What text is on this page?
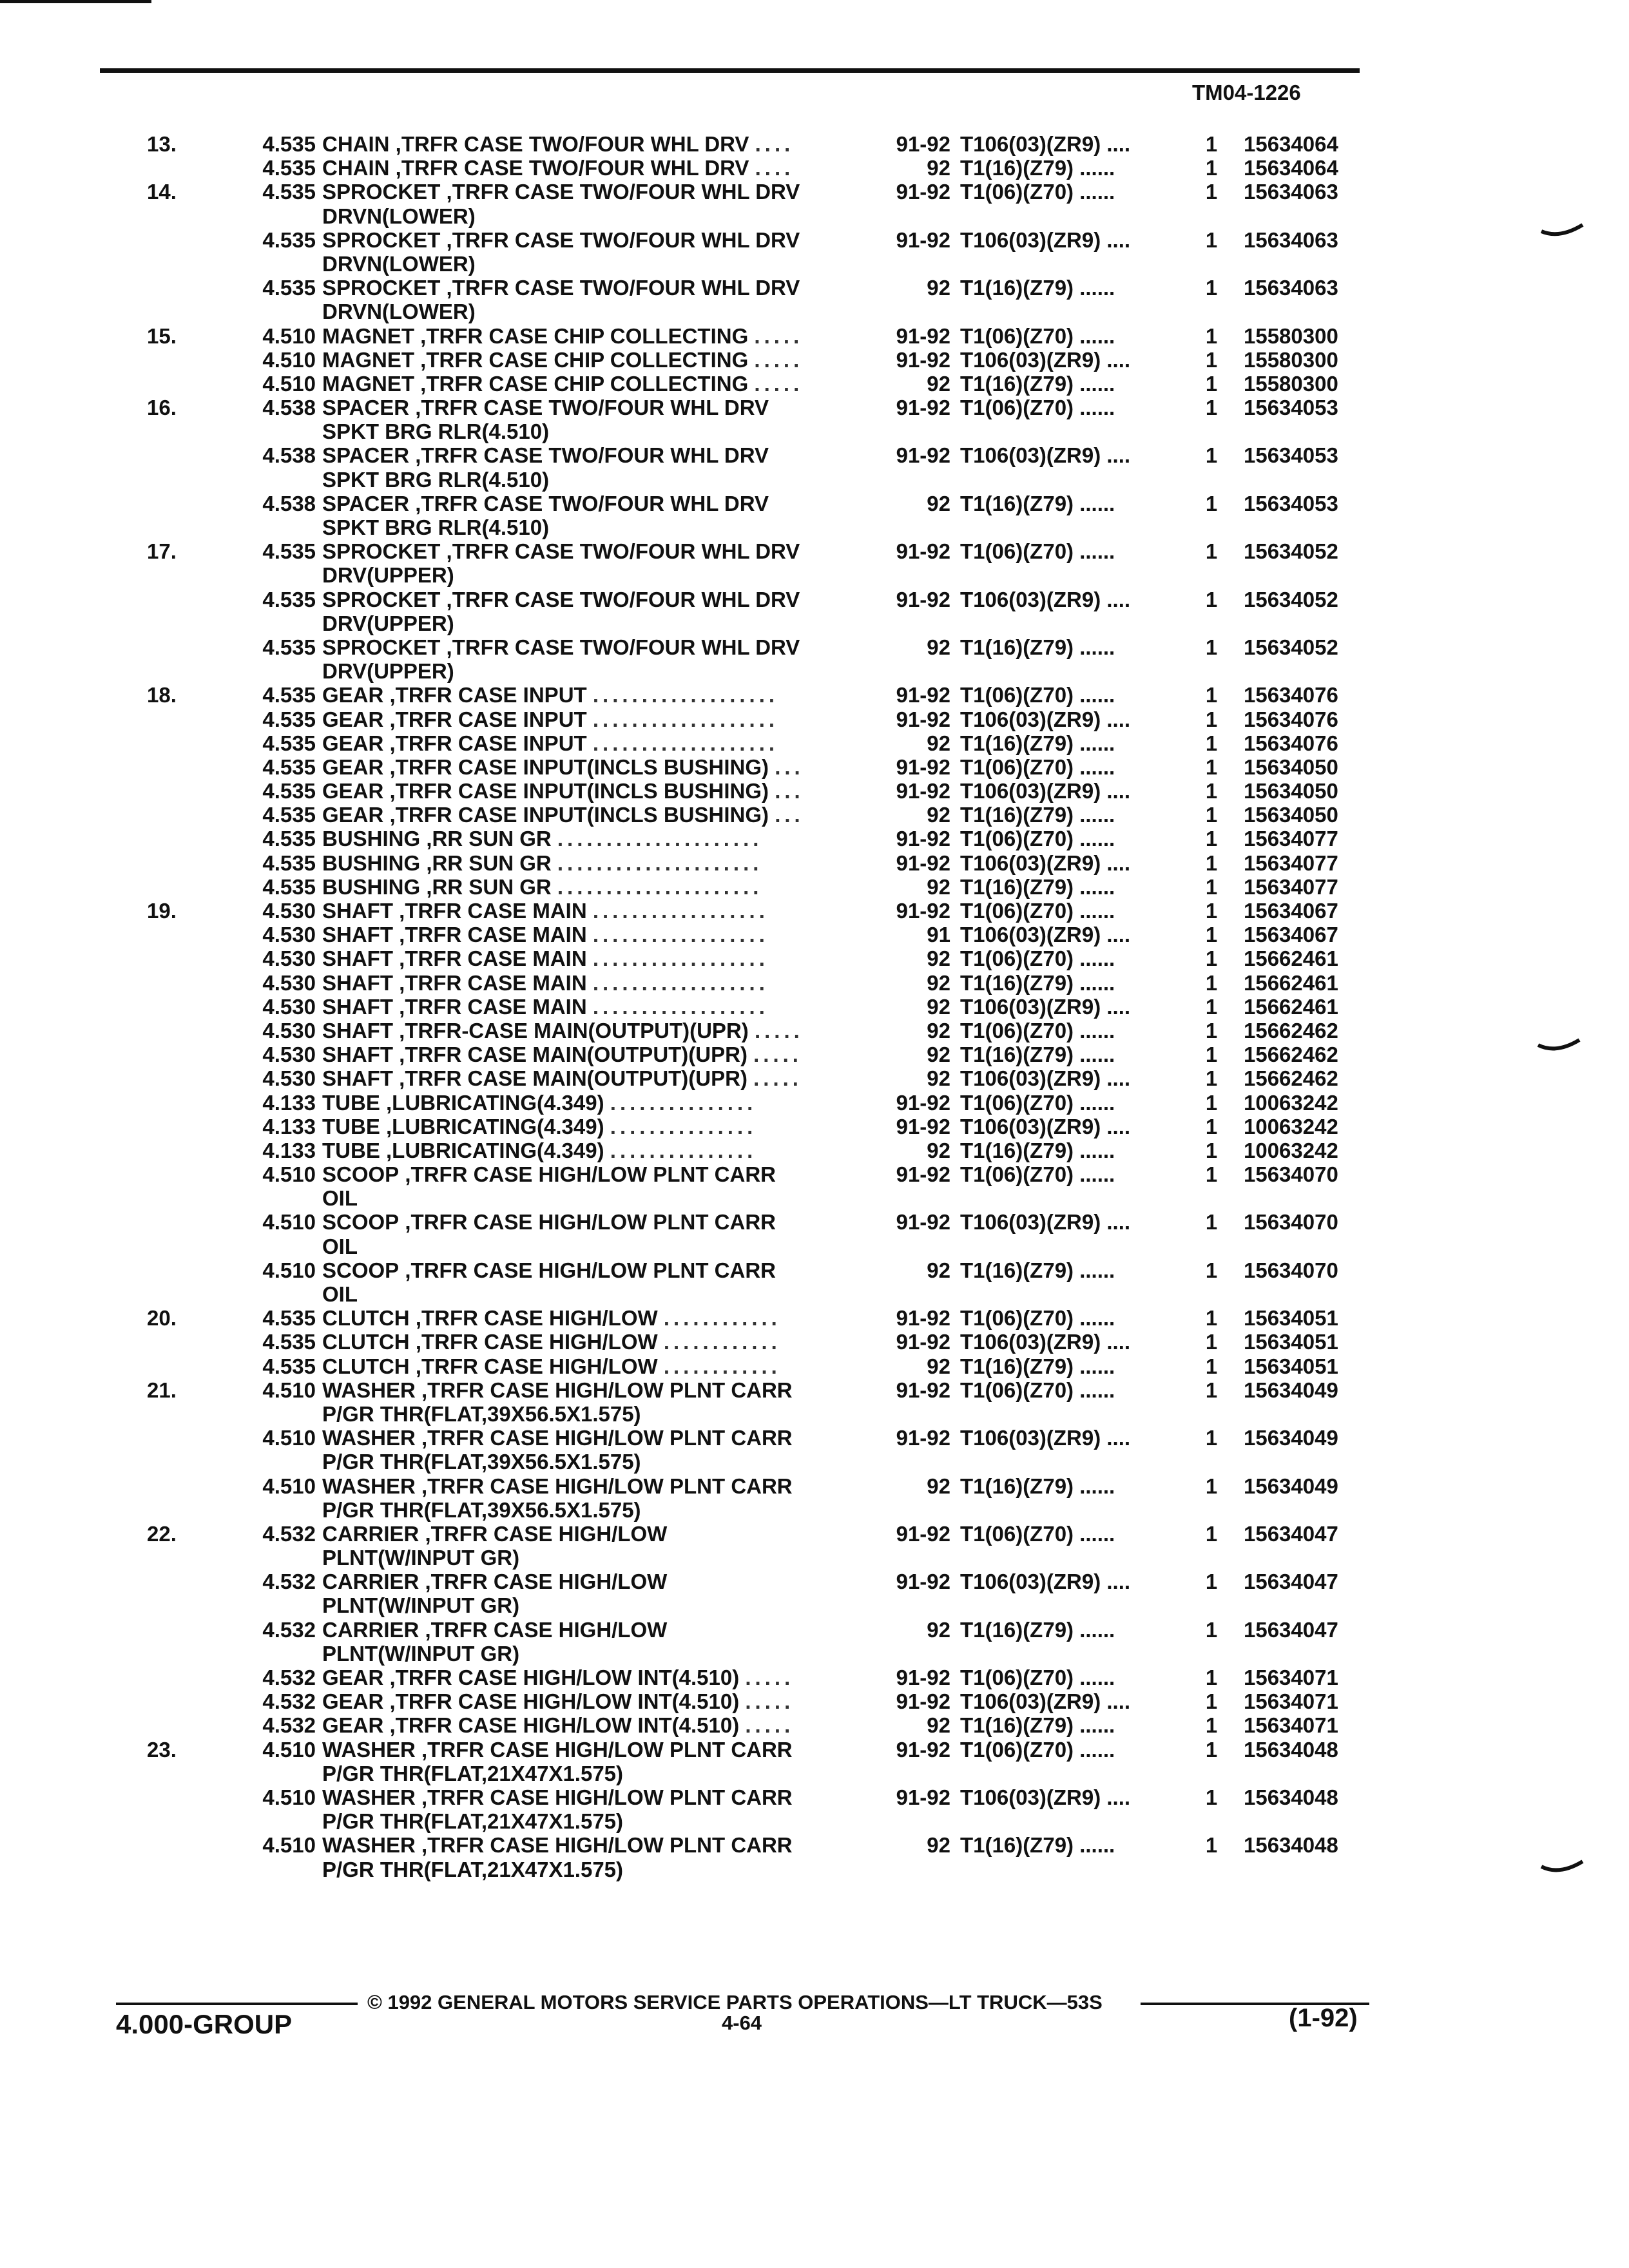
TM04-1226
13.	4.535 CHAIN ,TRFR CASE TWO/FOUR WHL DRV ....	91-92 T106(03)(ZR9) ....	1	15634064
4.535 CHAIN ,TRFR CASE TWO/FOUR WHL DRV ....	92 T1(16)(Z79) ......	1	15634064
14.	4.535 SPROCKET ,TRFR CASE TWO/FOUR WHL DRV	91-92 T1(06)(Z70) ......	1	15634063
DRVN(LOWER)
4.535 SPROCKET ,TRFR CASE TWO/FOUR WHL DRV	91-92 T106(03)(ZR9) ....	1	15634063
DRVN(LOWER)
4.535 SPROCKET ,TRFR CASE TWO/FOUR WHL DRV	92 T1(16)(Z79) ......	1	15634063
DRVN(LOWER)
15.	4.510 MAGNET ,TRFR CASE CHIP COLLECTING .....	91-92 T1(06)(Z70) ......	1	15580300
4.510 MAGNET ,TRFR CASE CHIP COLLECTING .....	91-92 T106(03)(ZR9) ....	1	15580300
4.510 MAGNET ,TRFR CASE CHIP COLLECTING .....	92 T1(16)(Z79) ......	1	15580300
16.	4.538 SPACER ,TRFR CASE TWO/FOUR WHL DRV	91-92 T1(06)(Z70) ......	1	15634053
SPKT BRG RLR(4.510)
4.538 SPACER ,TRFR CASE TWO/FOUR WHL DRV	91-92 T106(03)(ZR9) ....	1	15634053
SPKT BRG RLR(4.510)
4.538 SPACER ,TRFR CASE TWO/FOUR WHL DRV	92 T1(16)(Z79) ......	1	15634053
SPKT BRG RLR(4.510)
17.	4.535 SPROCKET ,TRFR CASE TWO/FOUR WHL DRV	91-92 T1(06)(Z70) ......	1	15634052
DRV(UPPER)
4.535 SPROCKET ,TRFR CASE TWO/FOUR WHL DRV	91-92 T106(03)(ZR9) ....	1	15634052
DRV(UPPER)
4.535 SPROCKET ,TRFR CASE TWO/FOUR WHL DRV	92 T1(16)(Z79) ......	1	15634052
DRV(UPPER)
18.	4.535 GEAR ,TRFR CASE INPUT ...................	91-92 T1(06)(Z70) ......	1	15634076
4.535 GEAR ,TRFR CASE INPUT ...................	91-92 T106(03)(ZR9) ....	1	15634076
4.535 GEAR ,TRFR CASE INPUT ...................	92 T1(16)(Z79) ......	1	15634076
4.535 GEAR ,TRFR CASE INPUT(INCLS BUSHING) ...	91-92 T1(06)(Z70) ......	1	15634050
4.535 GEAR ,TRFR CASE INPUT(INCLS BUSHING) ...	91-92 T106(03)(ZR9) ....	1	15634050
4.535 GEAR ,TRFR CASE INPUT(INCLS BUSHING) ...	92 T1(16)(Z79) ......	1	15634050
4.535 BUSHING ,RR SUN GR .....................	91-92 T1(06)(Z70) ......	1	15634077
4.535 BUSHING ,RR SUN GR .....................	91-92 T106(03)(ZR9) ....	1	15634077
4.535 BUSHING ,RR SUN GR .....................	92 T1(16)(Z79) ......	1	15634077
19.	4.530 SHAFT ,TRFR CASE MAIN ..................	91-92 T1(06)(Z70) ......	1	15634067
4.530 SHAFT ,TRFR CASE MAIN ..................	91 T106(03)(ZR9) ....	1	15634067
4.530 SHAFT ,TRFR CASE MAIN ..................	92 T1(06)(Z70) ......	1	15662461
4.530 SHAFT ,TRFR CASE MAIN ..................	92 T1(16)(Z79) ......	1	15662461
4.530 SHAFT ,TRFR CASE MAIN ..................	92 T106(03)(ZR9) ....	1	15662461
4.530 SHAFT ,TRFR-CASE MAIN(OUTPUT)(UPR) .....	92 T1(06)(Z70) ......	1	15662462
4.530 SHAFT ,TRFR CASE MAIN(OUTPUT)(UPR) .....	92 T1(16)(Z79) ......	1	15662462
4.530 SHAFT ,TRFR CASE MAIN(OUTPUT)(UPR) .....	92 T106(03)(ZR9) ....	1	15662462
4.133 TUBE ,LUBRICATING(4.349) ...............	91-92 T1(06)(Z70) ......	1	10063242
4.133 TUBE ,LUBRICATING(4.349) ...............	91-92 T106(03)(ZR9) ....	1	10063242
4.133 TUBE ,LUBRICATING(4.349) ...............	92 T1(16)(Z79) ......	1	10063242
4.510 SCOOP ,TRFR CASE HIGH/LOW PLNT CARR	91-92 T1(06)(Z70) ......	1	15634070
OIL
4.510 SCOOP ,TRFR CASE HIGH/LOW PLNT CARR	91-92 T106(03)(ZR9) ....	1	15634070
OIL
4.510 SCOOP ,TRFR CASE HIGH/LOW PLNT CARR	92 T1(16)(Z79) ......	1	15634070
OIL
20.	4.535 CLUTCH ,TRFR CASE HIGH/LOW ............	91-92 T1(06)(Z70) ......	1	15634051
4.535 CLUTCH ,TRFR CASE HIGH/LOW ............	91-92 T106(03)(ZR9) ....	1	15634051
4.535 CLUTCH ,TRFR CASE HIGH/LOW ............	92 T1(16)(Z79) ......	1	15634051
21.	4.510 WASHER ,TRFR CASE HIGH/LOW PLNT CARR	91-92 T1(06)(Z70) ......	1	15634049
P/GR THR(FLAT,39X56.5X1.575)
4.510 WASHER ,TRFR CASE HIGH/LOW PLNT CARR	91-92 T106(03)(ZR9) ....	1	15634049
P/GR THR(FLAT,39X56.5X1.575)
4.510 WASHER ,TRFR CASE HIGH/LOW PLNT CARR	92 T1(16)(Z79) ......	1	15634049
P/GR THR(FLAT,39X56.5X1.575)
22.	4.532 CARRIER ,TRFR CASE HIGH/LOW	91-92 T1(06)(Z70) ......	1	15634047
PLNT(W/INPUT GR)
4.532 CARRIER ,TRFR CASE HIGH/LOW	91-92 T106(03)(ZR9) ....	1	15634047
PLNT(W/INPUT GR)
4.532 CARRIER ,TRFR CASE HIGH/LOW	92 T1(16)(Z79) ......	1	15634047
PLNT(W/INPUT GR)
4.532 GEAR ,TRFR CASE HIGH/LOW INT(4.510) .....	91-92 T1(06)(Z70) ......	1	15634071
4.532 GEAR ,TRFR CASE HIGH/LOW INT(4.510) .....	91-92 T106(03)(ZR9) ....	1	15634071
4.532 GEAR ,TRFR CASE HIGH/LOW INT(4.510) .....	92 T1(16)(Z79) ......	1	15634071
23.	4.510 WASHER ,TRFR CASE HIGH/LOW PLNT CARR	91-92 T1(06)(Z70) ......	1	15634048
P/GR THR(FLAT,21X47X1.575)
4.510 WASHER ,TRFR CASE HIGH/LOW PLNT CARR	91-92 T106(03)(ZR9) ....	1	15634048
P/GR THR(FLAT,21X47X1.575)
4.510 WASHER ,TRFR CASE HIGH/LOW PLNT CARR	92 T1(16)(Z79) ......	1	15634048
P/GR THR(FLAT,21X47X1.575)
© 1992 GENERAL MOTORS SERVICE PARTS OPERATIONS—LT TRUCK—53S
4.000-GROUP	4-64	(1-92)
